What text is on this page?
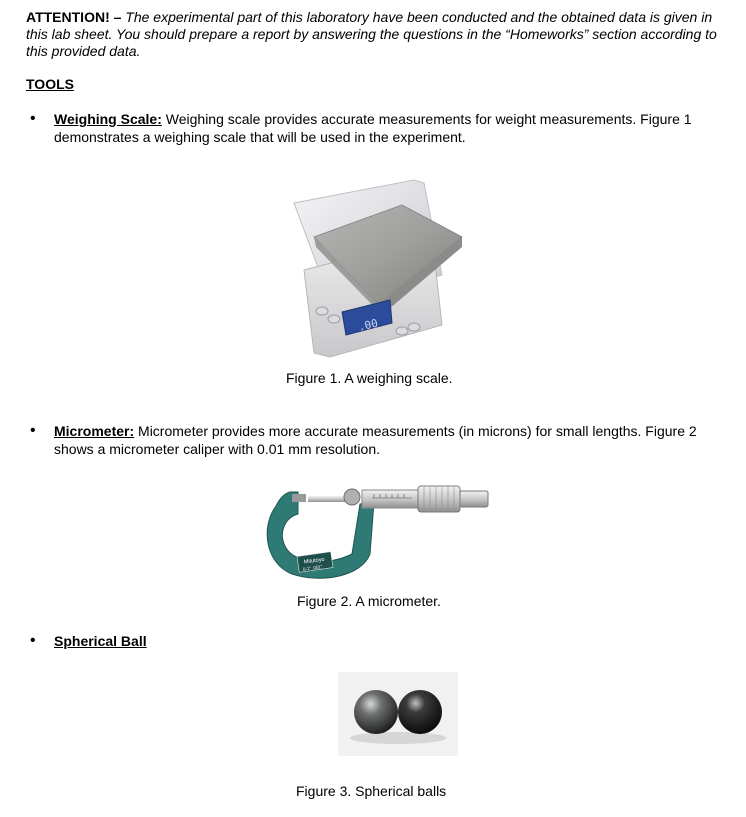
ATTENTION! – The experimental part of this laboratory have been conducted and the obtained data is given in this lab sheet. You should prepare a report by answering the questions in the “Homeworks” section according to this provided data.
TOOLS
• Weighing Scale: Weighing scale provides accurate measurements for weight measurements. Figure 1 demonstrates a weighing scale that will be used in the experiment.
.00
Figure 1. A weighing scale.
• Micrometer: Micrometer provides more accurate measurements (in microns) for small lengths. Figure 2 shows a micrometer caliper with 0.01 mm resolution.
Mitutoyo
0-1" .001"
Figure 2. A micrometer.
• Spherical Ball
Figure 3. Spherical balls
